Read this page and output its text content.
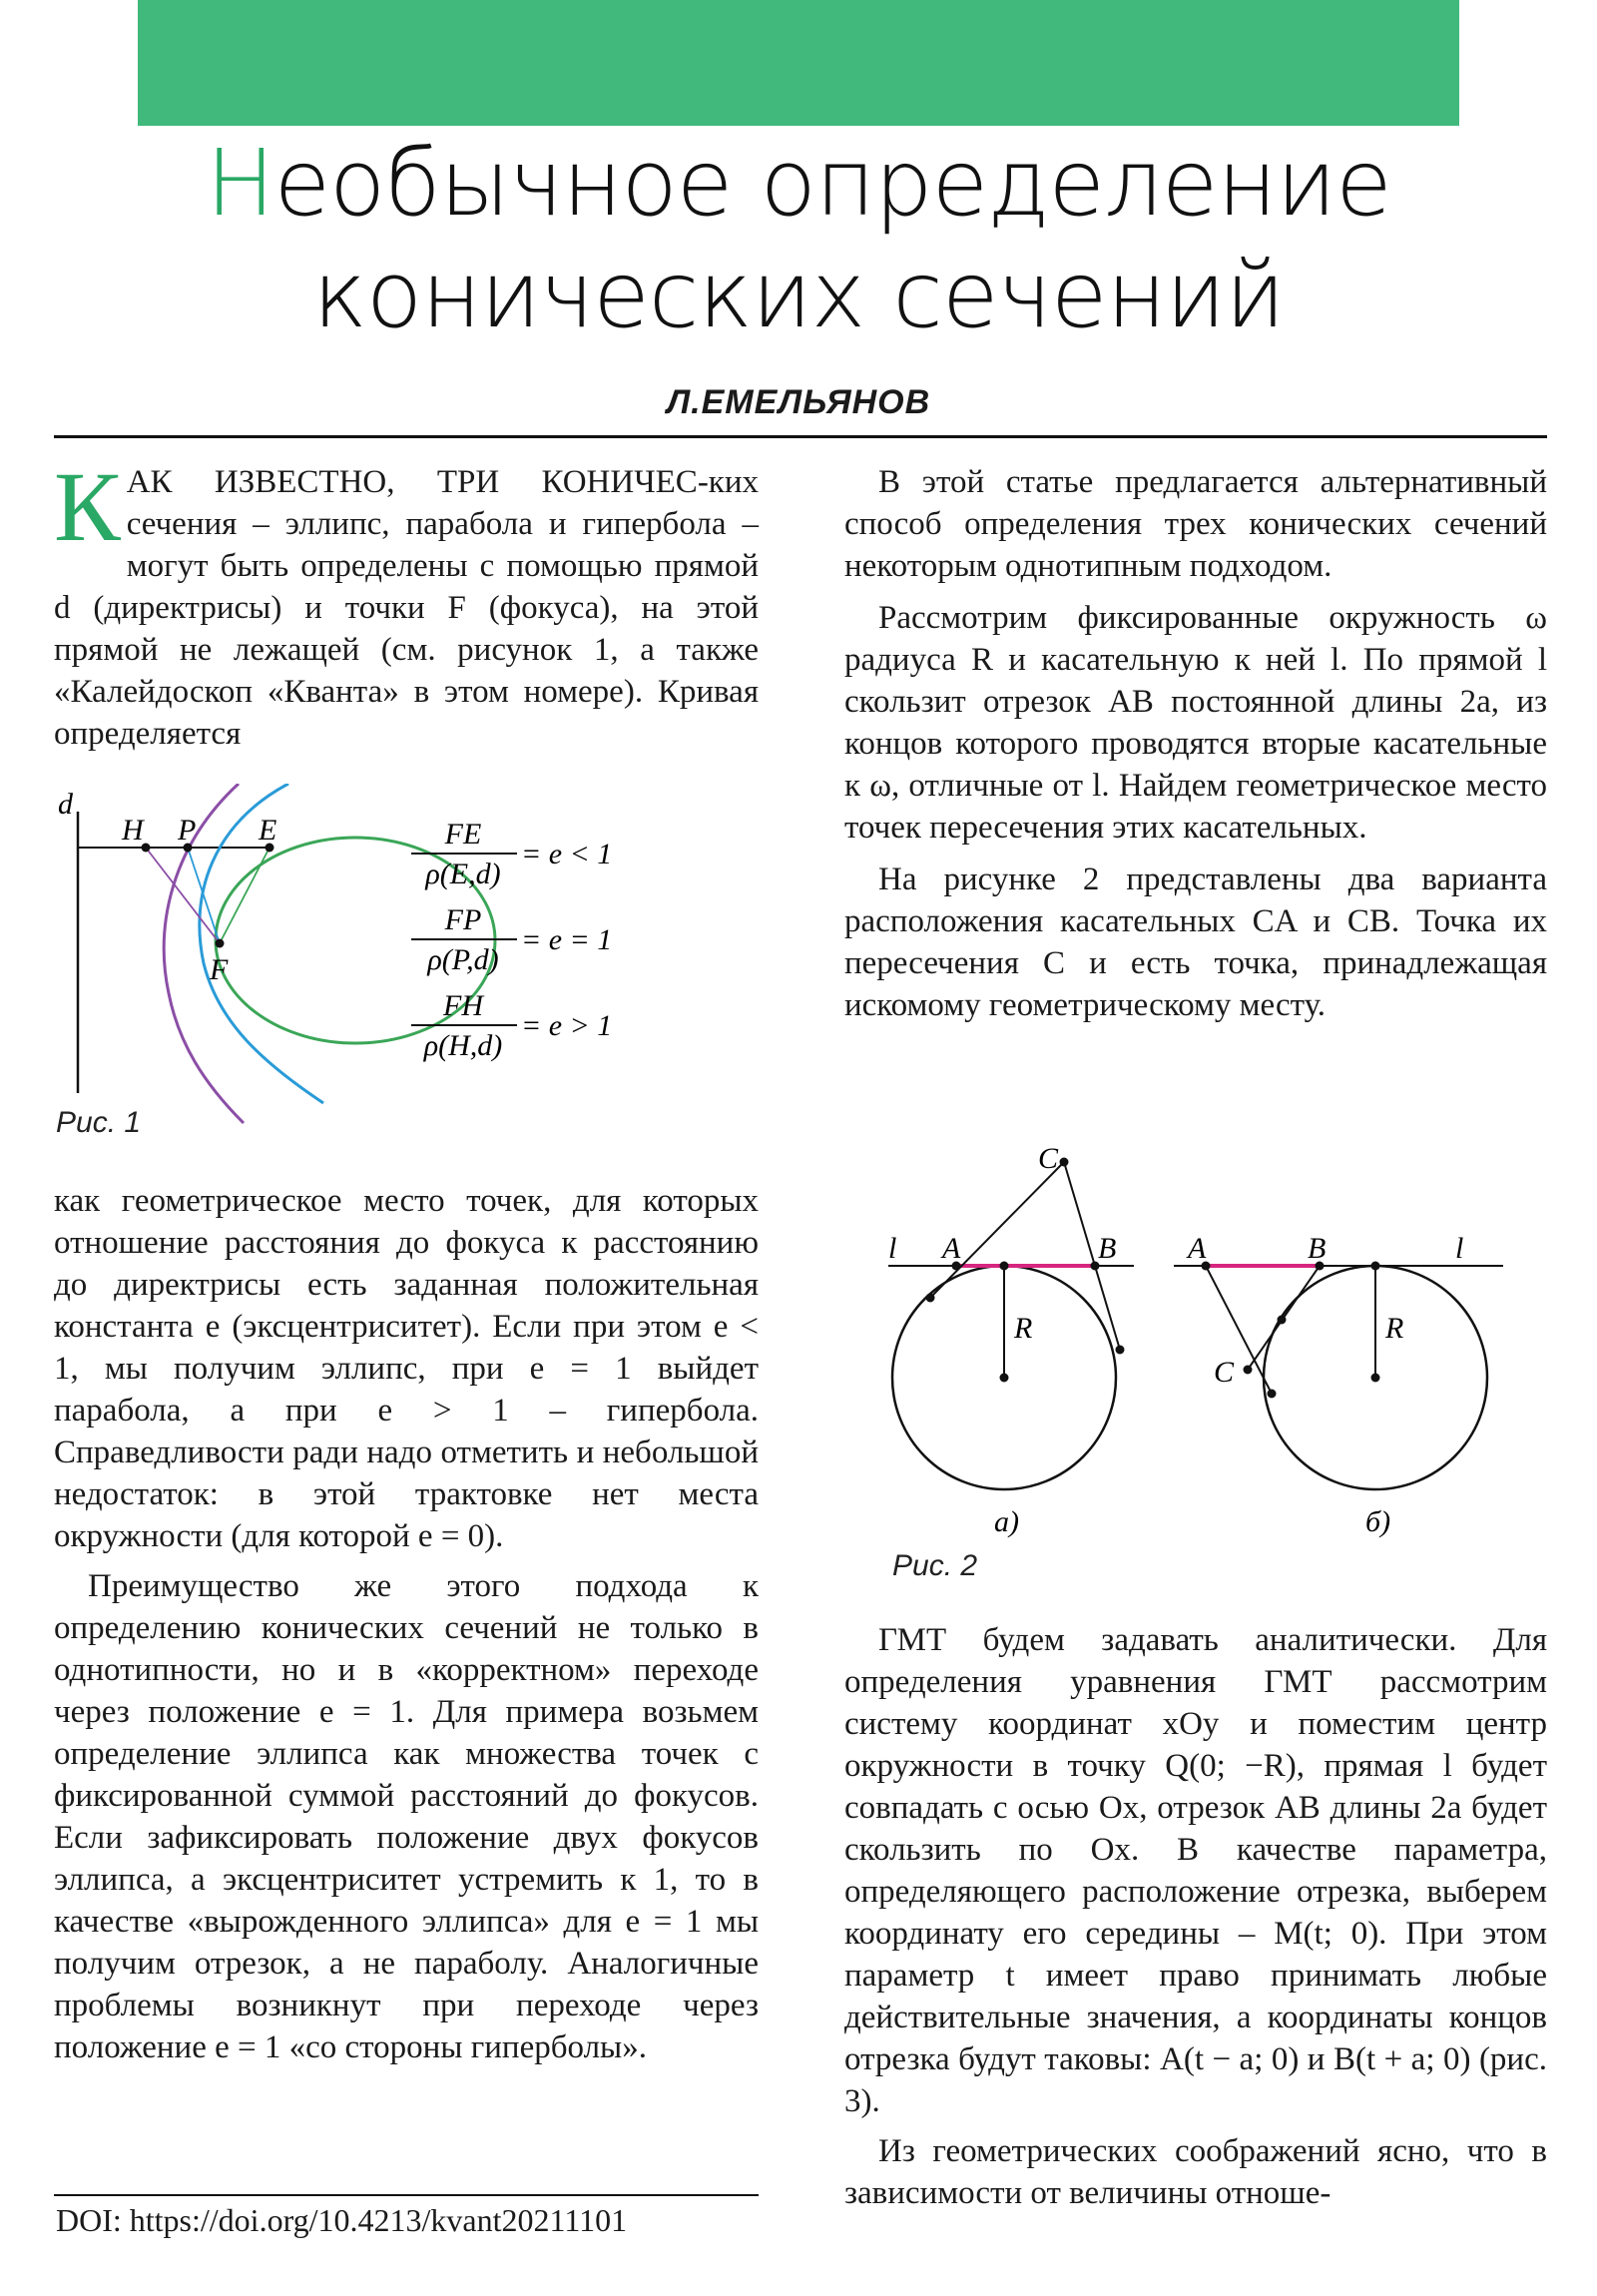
Необычное определение
конических сечений
Л.ЕМЕЛЬЯНОВ

КАК ИЗВЕСТНО, ТРИ КОНИЧЕС-ких сечения – эллипс, парабола и гипербола – могут быть определены с помощью прямой d (директрисы) и точки F (фокуса), на этой прямой не лежащей (см. рисунок 1, а также «Калейдоскоп «Кванта» в этом номере). Кривая определяется

d
H P E
F
FE
ρ(E,d)
= e < 1
FP
ρ(P,d)
= e = 1
FH
ρ(H,d)
= e > 1
Рис. 1

как геометрическое место точек, для которых отношение расстояния до фокуса к расстоянию до директрисы есть заданная положительная константа e (эксцентриситет). Если при этом e < 1, мы получим эллипс, при e = 1 выйдет парабола, а при e > 1 – гипербола. Справедливости ради надо отметить и небольшой недостаток: в этой трактовке нет места окружности (для которой e = 0).

Преимущество же этого подхода к определению конических сечений не только в однотипности, но и в «корректном» переходе через положение e = 1. Для примера возьмем определение эллипса как множества точек с фиксированной суммой расстояний до фокусов. Если зафиксировать положение двух фокусов эллипса, а эксцентриситет устремить к 1, то в качестве «вырожденного эллипса» для e = 1 мы получим отрезок, а не параболу. Аналогичные проблемы возникнут при переходе через положение e = 1 «со стороны гиперболы».

DOI: https://doi.org/10.4213/kvant20211101

В этой статье предлагается альтернативный способ определения трех конических сечений некоторым однотипным подходом.

Рассмотрим фиксированные окружность ω радиуса R и касательную к ней l. По прямой l скользит отрезок AB постоянной длины 2a, из концов которого проводятся вторые касательные к ω, отличные от l. Найдем геометрическое место точек пересечения этих касательных.

На рисунке 2 представлены два варианта расположения касательных CA и CB. Точка их пересечения C и есть точка, принадлежащая искомому геометрическому месту.

l A	B
C
R
а)
A	B	l
C
R
б)
Рис. 2

ГМТ будем задавать аналитически. Для определения уравнения ГМТ рассмотрим систему координат xOy и поместим центр окружности в точку Q(0; −R), прямая l будет совпадать с осью Ox, отрезок AB длины 2a будет скользить по Ox. В качестве параметра, определяющего расположение отрезка, выберем координату его середины – M(t; 0). При этом параметр t имеет право принимать любые действительные значения, а координаты концов отрезка будут таковы: A(t − a; 0) и B(t + a; 0) (рис. 3).

Из геометрических соображений ясно, что в зависимости от величины отноше-
